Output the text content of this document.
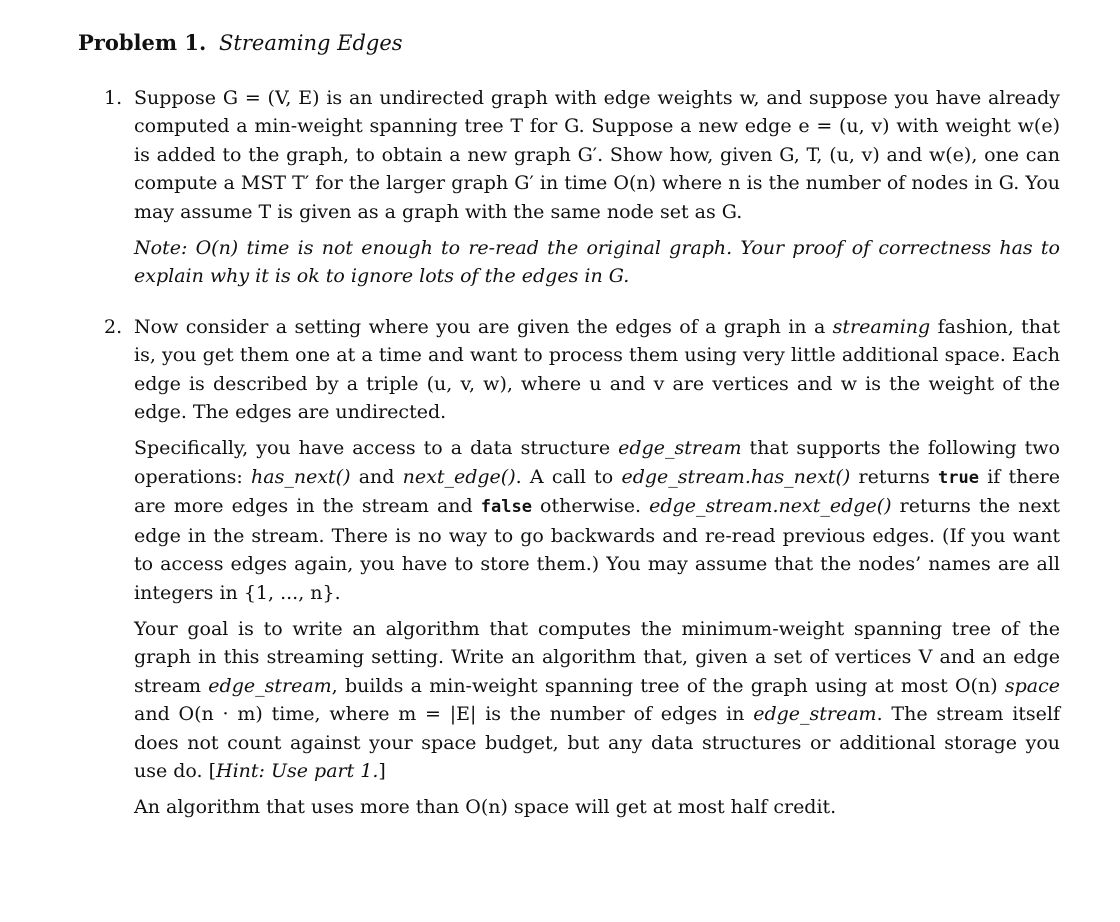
Problem 1. Streaming Edges
1. Suppose G = (V, E) is an undirected graph with edge weights w, and suppose you have already computed a min-weight spanning tree T for G. Suppose a new edge e = (u, v) with weight w(e) is added to the graph, to obtain a new graph G′. Show how, given G, T, (u, v) and w(e), one can compute a MST T′ for the larger graph G′ in time O(n) where n is the number of nodes in G. You may assume T is given as a graph with the same node set as G.

Note: O(n) time is not enough to re-read the original graph. Your proof of correctness has to explain why it is ok to ignore lots of the edges in G.

2. Now consider a setting where you are given the edges of a graph in a streaming fashion, that is, you get them one at a time and want to process them using very little additional space. Each edge is described by a triple (u, v, w), where u and v are vertices and w is the weight of the edge. The edges are undirected.

Specifically, you have access to a data structure edge_stream that supports the following two operations: has_next() and next_edge(). A call to edge_stream.has_next() returns true if there are more edges in the stream and false otherwise. edge_stream.next_edge() returns the next edge in the stream. There is no way to go backwards and re-read previous edges. (If you want to access edges again, you have to store them.) You may assume that the nodes’ names are all integers in {1, ..., n}.

Your goal is to write an algorithm that computes the minimum-weight spanning tree of the graph in this streaming setting. Write an algorithm that, given a set of vertices V and an edge stream edge_stream, builds a min-weight spanning tree of the graph using at most O(n) space and O(n · m) time, where m = |E| is the number of edges in edge_stream. The stream itself does not count against your space budget, but any data structures or additional storage you use do. [Hint: Use part 1.]

An algorithm that uses more than O(n) space will get at most half credit.
